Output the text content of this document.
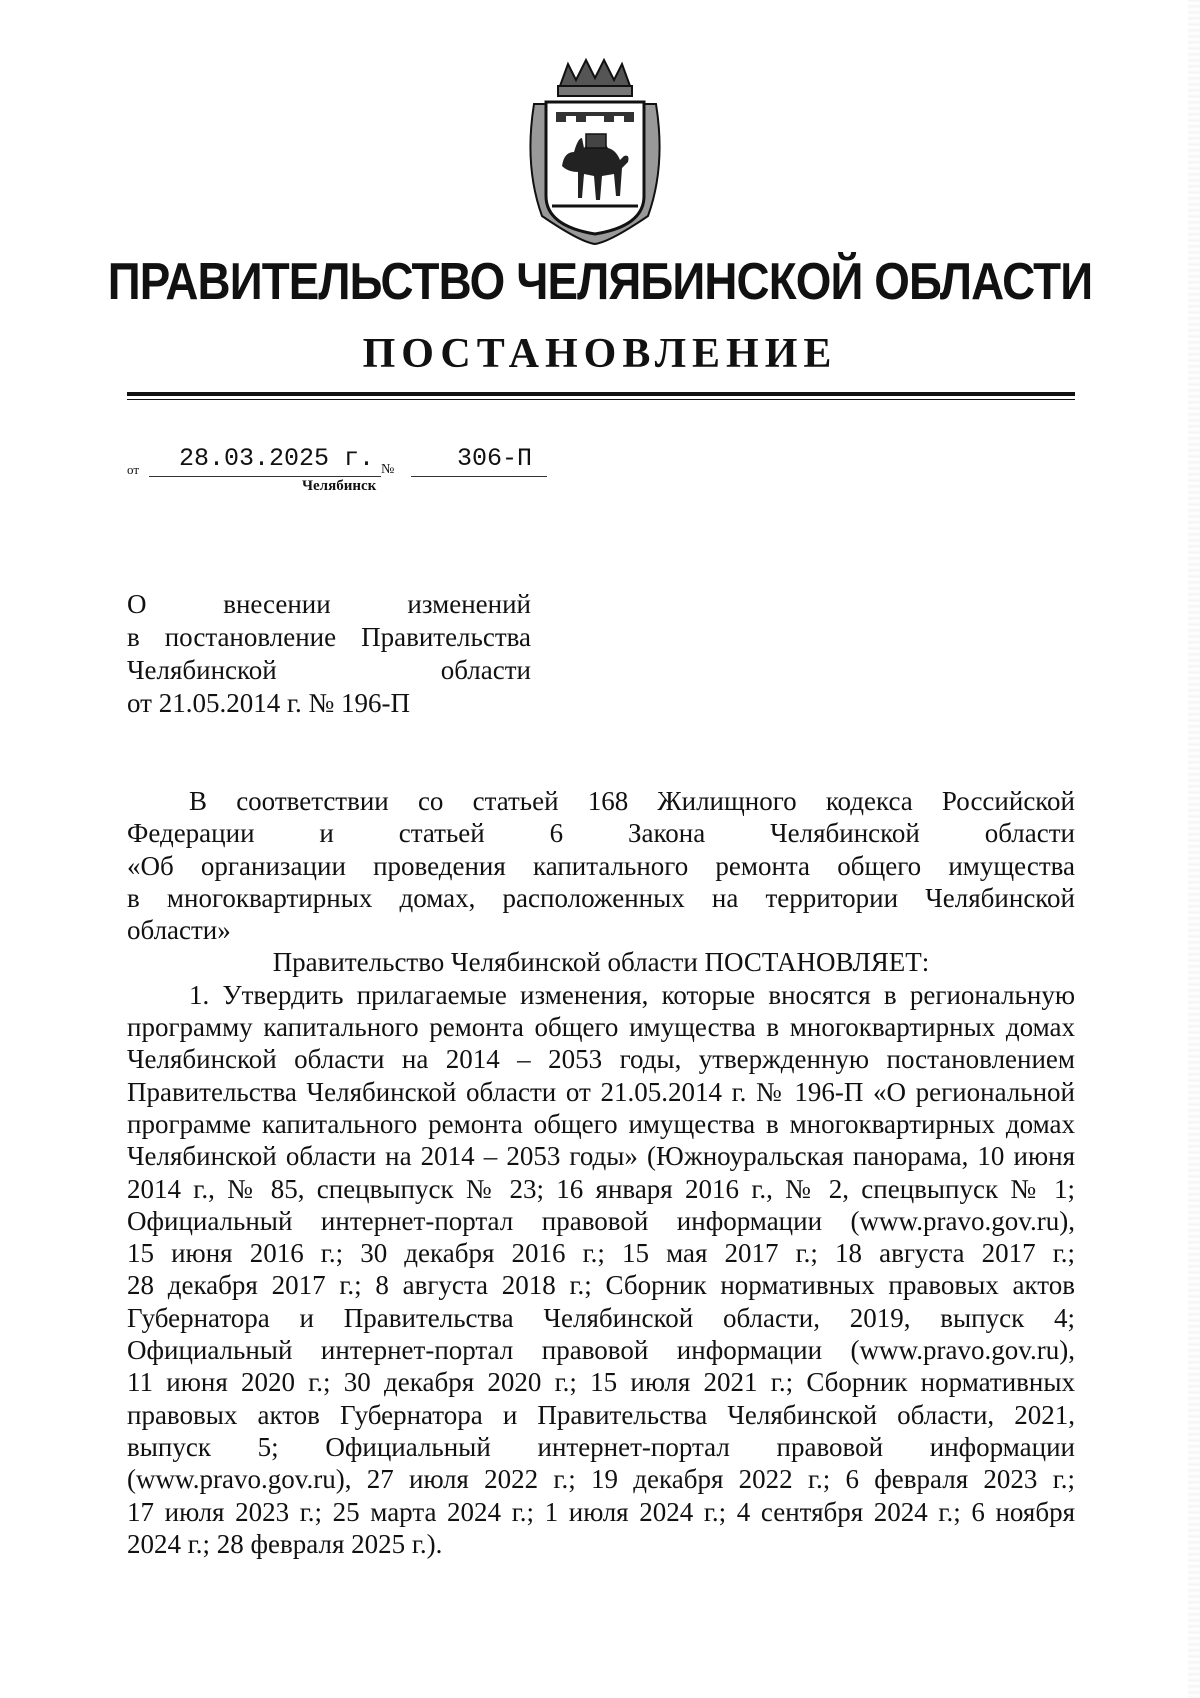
ПРАВИТЕЛЬСТВО ЧЕЛЯБИНСКОЙ ОБЛАСТИ
ПОСТАНОВЛЕНИЕ
от 28.03.2025 г. №	306-П
Челябинск
О внесении изменений
в постановление Правительства
Челябинской области
от 21.05.2014 г. № 196-П
В соответствии со статьей 168 Жилищного кодекса Российской
Федерации и статьей 6 Закона Челябинской области
«Об организации проведения капитального ремонта общего имущества
в многоквартирных домах, расположенных на территории Челябинской
области»
Правительство Челябинской области ПОСТАНОВЛЯЕТ:
1. Утвердить прилагаемые изменения, которые вносятся в региональную
программу капитального ремонта общего имущества в многоквартирных домах
Челябинской области на 2014 – 2053 годы, утвержденную постановлением
Правительства Челябинской области от 21.05.2014 г. № 196-П «О региональной
программе капитального ремонта общего имущества в многоквартирных домах
Челябинской области на 2014 – 2053 годы» (Южноуральская панорама, 10 июня
2014 г., № 85, спецвыпуск № 23; 16 января 2016 г., № 2, спецвыпуск № 1;
Официальный интернет-портал правовой информации (www.pravo.gov.ru),
15 июня 2016 г.; 30 декабря 2016 г.; 15 мая 2017 г.; 18 августа 2017 г.;
28 декабря 2017 г.; 8 августа 2018 г.; Сборник нормативных правовых актов
Губернатора и Правительства Челябинской области, 2019, выпуск 4;
Официальный интернет-портал правовой информации (www.pravo.gov.ru),
11 июня 2020 г.; 30 декабря 2020 г.; 15 июля 2021 г.; Сборник нормативных
правовых актов Губернатора и Правительства Челябинской области, 2021,
выпуск 5; Официальный интернет-портал правовой информации
(www.pravo.gov.ru), 27 июля 2022 г.; 19 декабря 2022 г.; 6 февраля 2023 г.;
17 июля 2023 г.; 25 марта 2024 г.; 1 июля 2024 г.; 4 сентября 2024 г.; 6 ноября
2024 г.; 28 февраля 2025 г.).
